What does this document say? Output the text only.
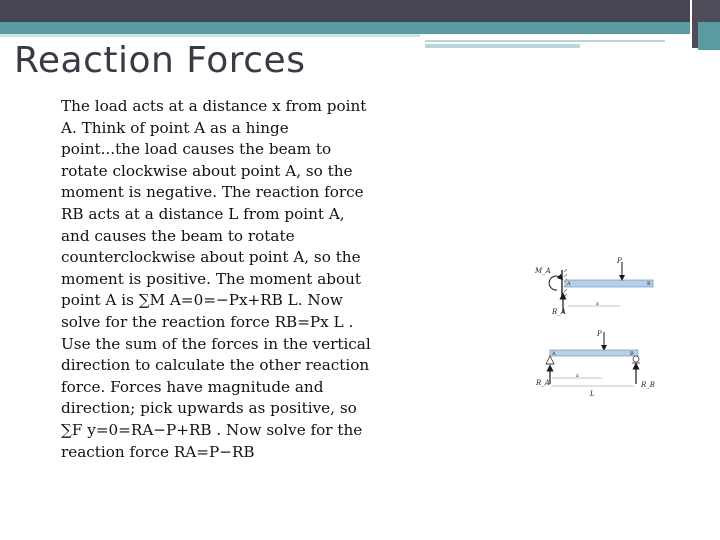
Reaction Forces
The load acts at a distance x from point
A. Think of point A as a hinge
point...the load causes the beam to
rotate clockwise about point A, so the
moment is negative. The reaction force
RB acts at a distance L from point A,
and causes the beam to rotate
counterclockwise about point A, so the
moment is positive. The moment about
point A is ∑M A=0=−Px+RB L. Now
solve for the reaction force RB=Px L .
Use the sum of the forces in the vertical
direction to calculate the other reaction
force. Forces have magnitude and
direction; pick upwards as positive, so
∑F y=0=RA−P+RB . Now solve for the
reaction force RA=P−RB
P
M_A
A	B
R_A
x
P
A	B
R_A	R_B
x
L
